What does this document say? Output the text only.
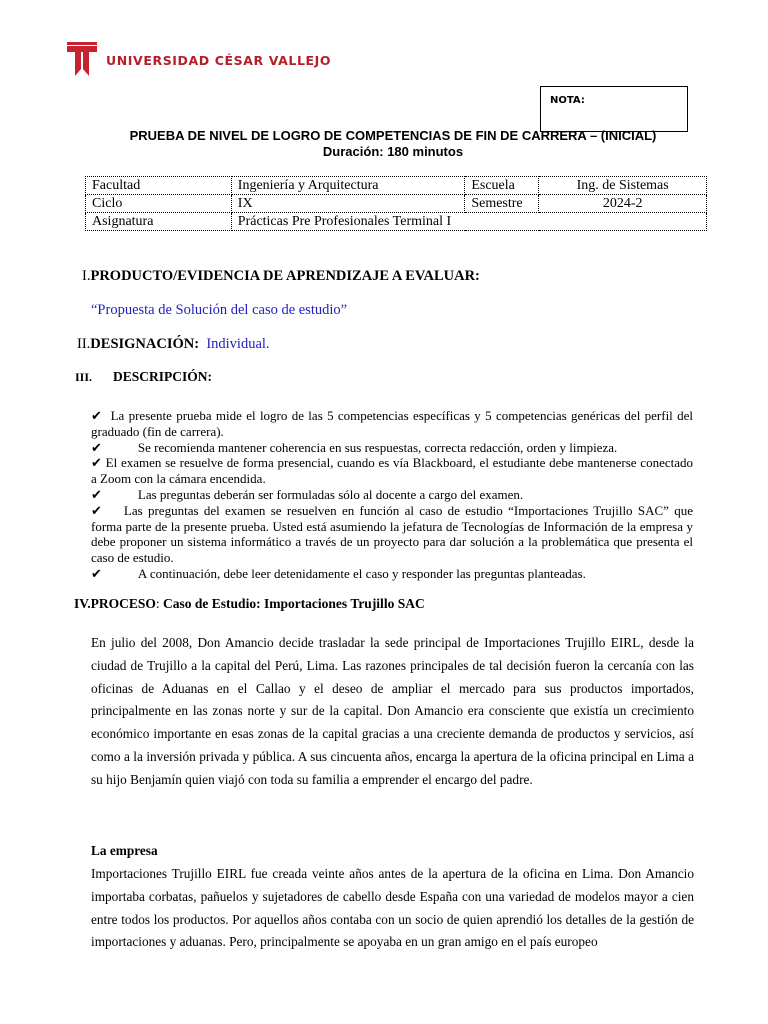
UNIVERSIDAD CÉSAR VALLEJO
NOTA:
PRUEBA DE NIVEL DE LOGRO DE COMPETENCIAS DE FIN DE CARRERA – (INICIAL)
Duración: 180 minutos
Facultad	Ingeniería y Arquitectura	Escuela	Ing. de Sistemas
Ciclo	IX	Semestre	2024-2
Asignatura	Prácticas Pre Profesionales Terminal I		
I.PRODUCTO/EVIDENCIA DE APRENDIZAJE A EVALUAR:
“Propuesta de Solución del caso de estudio”
II.DESIGNACIÓN: Individual.
III. DESCRIPCIÓN:

✔ La presente prueba mide el logro de las 5 competencias específicas y 5 competencias genéricas del perfil del graduado (fin de carrera).

✔	Se recomienda mantener coherencia en sus respuestas, correcta redacción, orden y limpieza.

✔ El examen se resuelve de forma presencial, cuando es vía Blackboard, el estudiante debe mantenerse conectado a Zoom con la cámara encendida.

✔	Las preguntas deberán ser formuladas sólo al docente a cargo del examen.

✔ Las preguntas del examen se resuelven en función al caso de estudio “Importaciones Trujillo SAC” que forma parte de la presente prueba. Usted está asumiendo la jefatura de Tecnologías de Información de la empresa y debe proponer un sistema informático a través de un proyecto para dar solución a la problemática que presenta el caso de estudio.

✔	A continuación, debe leer detenidamente el caso y responder las preguntas planteadas.

IV.PROCESO: Caso de Estudio: Importaciones Trujillo SAC

En julio del 2008, Don Amancio decide trasladar la sede principal de Importaciones Trujillo EIRL, desde la ciudad de Trujillo a la capital del Perú, Lima. Las razones principales de tal decisión fueron la cercanía con las oficinas de Aduanas en el Callao y el deseo de ampliar el mercado para sus productos importados, principalmente en las zonas norte y sur de la capital. Don Amancio era consciente que existía un crecimiento económico importante en esas zonas de la capital gracias a una creciente demanda de productos y servicios, así como a la inversión privada y pública. A sus cincuenta años, encarga la apertura de la oficina principal en Lima a su hijo Benjamín quien viajó con toda su familia a emprender el encargo del padre.

La empresa

Importaciones Trujillo EIRL fue creada veinte años antes de la apertura de la oficina en Lima. Don Amancio importaba corbatas, pañuelos y sujetadores de cabello desde España con una variedad de modelos mayor a cien entre todos los productos. Por aquellos años contaba con un socio de quien aprendió los detalles de la gestión de importaciones y aduanas. Pero, principalmente se apoyaba en un gran amigo en el país europeo
